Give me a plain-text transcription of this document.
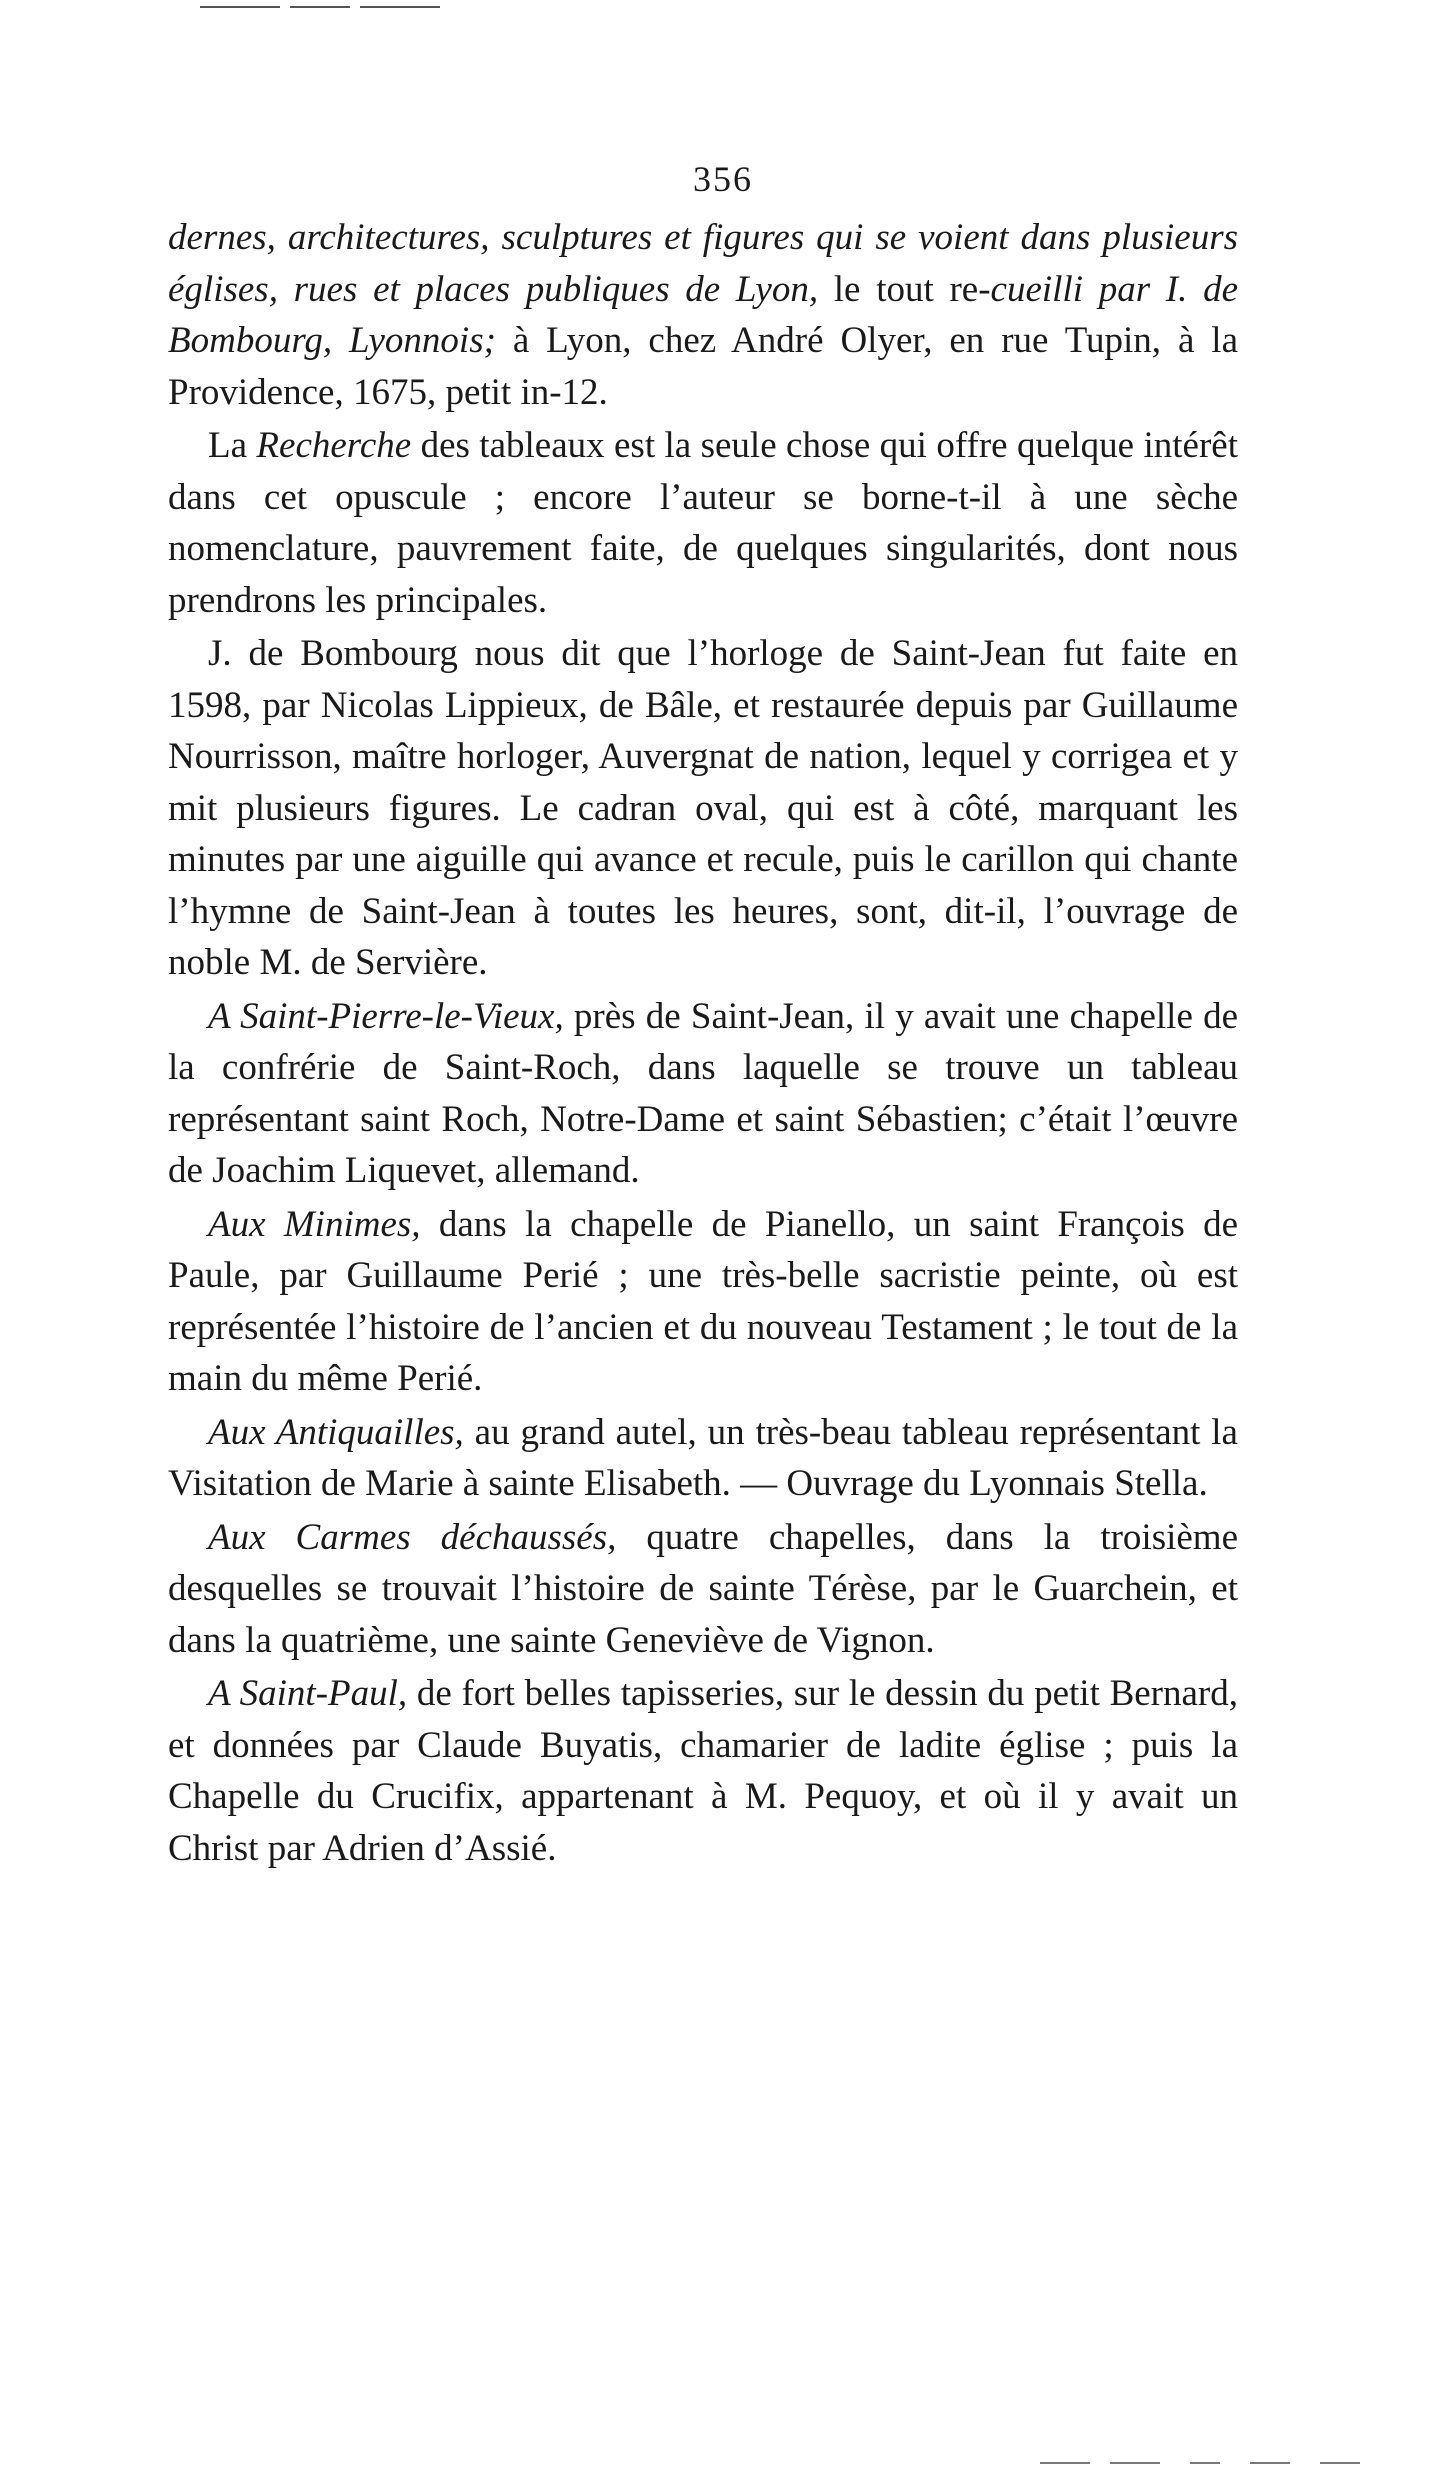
356

dernes, architectures, sculptures et figures qui se voient dans plusieurs églises, rues et places publiques de Lyon, le tout re-cueilli par I. de Bombourg, Lyonnois; à Lyon, chez André Olyer, en rue Tupin, à la Providence, 1675, petit in-12.

La Recherche des tableaux est la seule chose qui offre quelque intérêt dans cet opuscule ; encore l’auteur se borne-t-il à une sèche nomenclature, pauvrement faite, de quelques singularités, dont nous prendrons les principales.

J. de Bombourg nous dit que l’horloge de Saint-Jean fut faite en 1598, par Nicolas Lippieux, de Bâle, et restaurée depuis par Guillaume Nourrisson, maître horloger, Auvergnat de nation, lequel y corrigea et y mit plusieurs figures. Le cadran oval, qui est à côté, marquant les minutes par une aiguille qui avance et recule, puis le carillon qui chante l’hymne de Saint-Jean à toutes les heures, sont, dit-il, l’ouvrage de noble M. de Servière.

A Saint-Pierre-le-Vieux, près de Saint-Jean, il y avait une chapelle de la confrérie de Saint-Roch, dans laquelle se trouve un tableau représentant saint Roch, Notre-Dame et saint Sébastien; c’était l’œuvre de Joachim Liquevet, allemand.

Aux Minimes, dans la chapelle de Pianello, un saint François de Paule, par Guillaume Perié ; une très-belle sacristie peinte, où est représentée l’histoire de l’ancien et du nouveau Testament ; le tout de la main du même Perié.

Aux Antiquailles, au grand autel, un très-beau tableau représentant la Visitation de Marie à sainte Elisabeth. — Ouvrage du Lyonnais Stella.

Aux Carmes déchaussés, quatre chapelles, dans la troisième desquelles se trouvait l’histoire de sainte Térèse, par le Guarchein, et dans la quatrième, une sainte Geneviève de Vignon.

A Saint-Paul, de fort belles tapisseries, sur le dessin du petit Bernard, et données par Claude Buyatis, chamarier de ladite église ; puis la Chapelle du Crucifix, appartenant à M. Pequoy, et où il y avait un Christ par Adrien d’Assié.
